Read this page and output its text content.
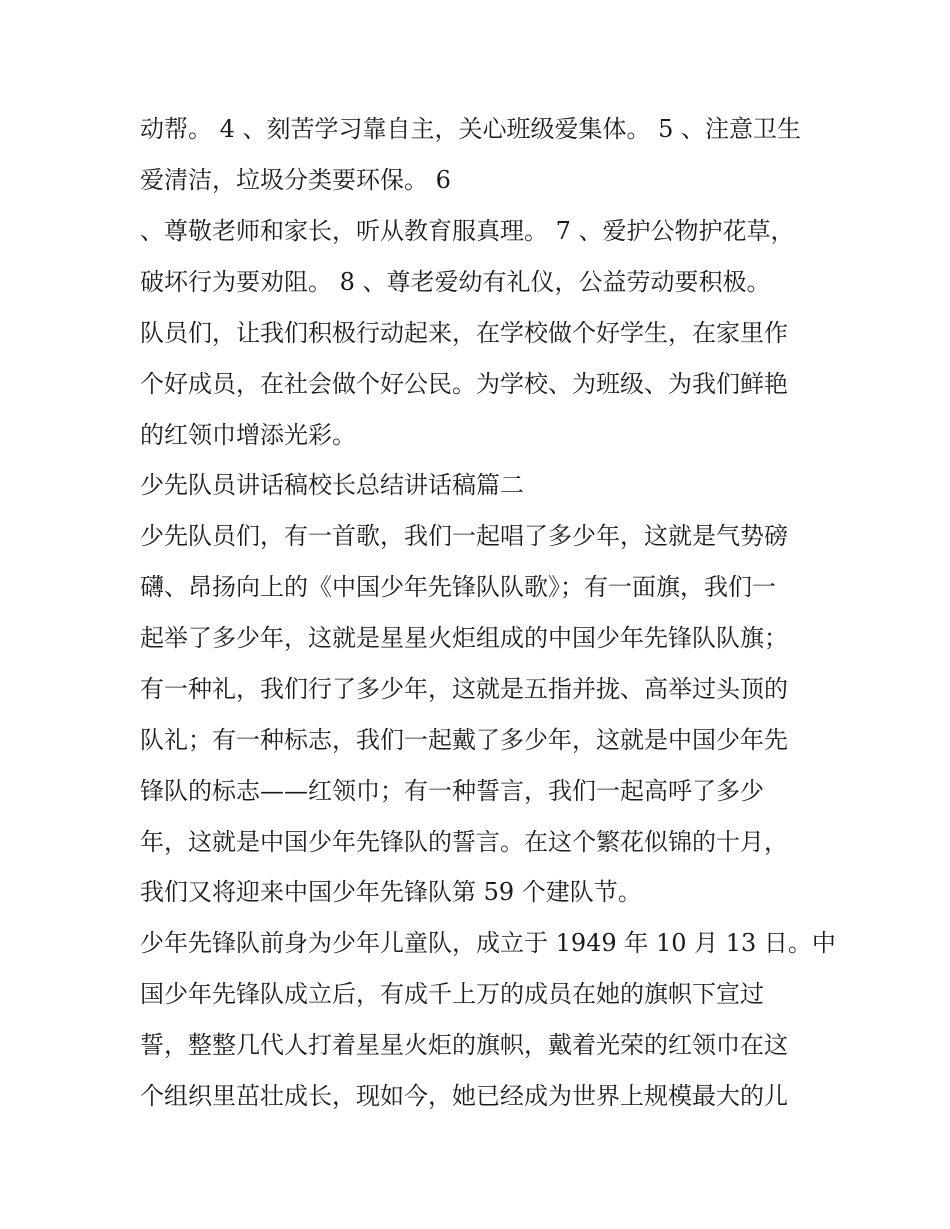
动帮。 4 、刻苦学习靠自主，关心班级爱集体。 5 、注意卫生
爱清洁，垃圾分类要环保。 6
、尊敬老师和家长，听从教育服真理。 7 、爱护公物护花草，
破坏行为要劝阻。 8 、尊老爱幼有礼仪，公益劳动要积极。
队员们，让我们积极行动起来，在学校做个好学生，在家里作
个好成员，在社会做个好公民。为学校、为班级、为我们鲜艳
的红领巾增添光彩。
少先队员讲话稿校长总结讲话稿篇二
少先队员们，有一首歌，我们一起唱了多少年，这就是气势磅
礴、昂扬向上的《中国少年先锋队队歌》；有一面旗，我们一
起举了多少年，这就是星星火炬组成的中国少年先锋队队旗；
有一种礼，我们行了多少年，这就是五指并拢、高举过头顶的
队礼；有一种标志，我们一起戴了多少年，这就是中国少年先
锋队的标志——红领巾；有一种誓言，我们一起高呼了多少
年，这就是中国少年先锋队的誓言。在这个繁花似锦的十月，
我们又将迎来中国少年先锋队第 59 个建队节。
少年先锋队前身为少年儿童队，成立于 1949 年 10 月 13 日。中
国少年先锋队成立后，有成千上万的成员在她的旗帜下宣过
誓，整整几代人打着星星火炬的旗帜，戴着光荣的红领巾在这
个组织里茁壮成长，现如今，她已经成为世界上规模最大的儿
